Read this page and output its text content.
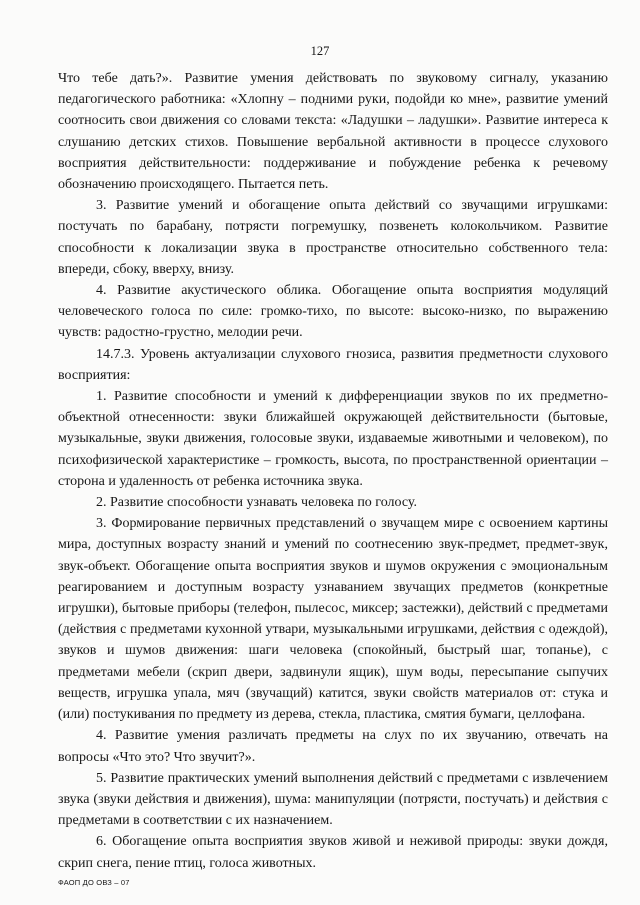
127

Что тебе дать?». Развитие умения действовать по звуковому сигналу, указанию педагогического работника: «Хлопну – подними руки, подойди ко мне», развитие умений соотносить свои движения со словами текста: «Ладушки – ладушки». Развитие интереса к слушанию детских стихов. Повышение вербальной активности в процессе слухового восприятия действительности: поддерживание и побуждение ребенка к речевому обозначению происходящего. Пытается петь.

3. Развитие умений и обогащение опыта действий со звучащими игрушками: постучать по барабану, потрясти погремушку, позвенеть колокольчиком. Развитие способности к локализации звука в пространстве относительно собственного тела: впереди, сбоку, вверху, внизу.

4. Развитие акустического облика. Обогащение опыта восприятия модуляций человеческого голоса по силе: громко-тихо, по высоте: высоко-низко, по выражению чувств: радостно-грустно, мелодии речи.

14.7.3. Уровень актуализации слухового гнозиса, развития предметности слухового восприятия:

1. Развитие способности и умений к дифференциации звуков по их предметно-объектной отнесенности: звуки ближайшей окружающей действительности (бытовые, музыкальные, звуки движения, голосовые звуки, издаваемые животными и человеком), по психофизической характеристике – громкость, высота, по пространственной ориентации – сторона и удаленность от ребенка источника звука.

2. Развитие способности узнавать человека по голосу.

3. Формирование первичных представлений о звучащем мире с освоением картины мира, доступных возрасту знаний и умений по соотнесению звук-предмет, предмет-звук, звук-объект. Обогащение опыта восприятия звуков и шумов окружения с эмоциональным реагированием и доступным возрасту узнаванием звучащих предметов (конкретные игрушки), бытовые приборы (телефон, пылесос, миксер; застежки), действий с предметами (действия с предметами кухонной утвари, музыкальными игрушками, действия с одеждой), звуков и шумов движения: шаги человека (спокойный, быстрый шаг, топанье), с предметами мебели (скрип двери, задвинули ящик), шум воды, пересыпание сыпучих веществ, игрушка упала, мяч (звучащий) катится, звуки свойств материалов от: стука и (или) постукивания по предмету из дерева, стекла, пластика, смятия бумаги, целлофана.

4. Развитие умения различать предметы на слух по их звучанию, отвечать на вопросы «Что это? Что звучит?».

5. Развитие практических умений выполнения действий с предметами с извлечением звука (звуки действия и движения), шума: манипуляции (потрясти, постучать) и действия с предметами в соответствии с их назначением.

6. Обогащение опыта восприятия звуков живой и неживой природы: звуки дождя, скрип снега, пение птиц, голоса животных.

ФАОП ДО ОВЗ – 07
